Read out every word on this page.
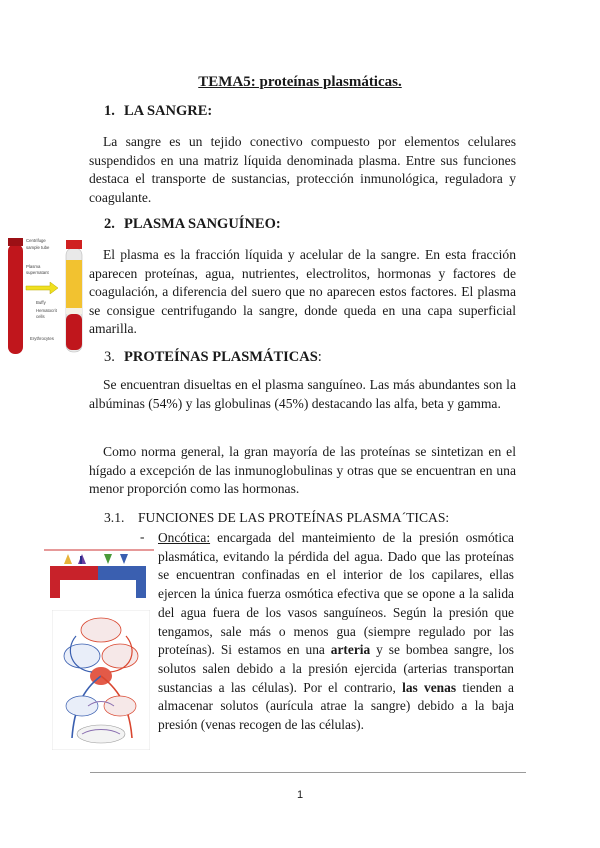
TEMA5: proteínas plasmáticas.
1. LA SANGRE:
La sangre es un tejido conectivo compuesto por elementos celulares suspendidos en una matriz líquida denominada plasma. Entre sus funciones destaca el transporte de sustancias, protección inmunológica, reguladora y coagulante.
2. PLASMA SANGUÍNEO:
El plasma es la fracción líquida y acelular de la sangre. En esta fracción aparecen proteínas, agua, nutrientes, electrolitos, hormonas y factores de coagulación, a diferencia del suero que no aparecen estos factores. El plasma se consigue centrifugando la sangre, donde queda en una capa superficial amarilla.
Centrifuge
sample tube
Plasma
supernatant
Buffy
Hematocrit
cells
Erythrocytes
3. PROTEÍNAS PLASMÁTICAS:
Se encuentran disueltas en el plasma sanguíneo. Las más abundantes son la albúminas (54%) y las globulinas (45%) destacando las alfa, beta y gamma.
Como norma general, la gran mayoría de las proteínas se sintetizan en el hígado a excepción de las inmunoglobulinas y otras que se encuentran en una menor proporción como las hormonas.
3.1. FUNCIONES DE LAS PROTEÍNAS PLASMA´TICAS:
- Oncótica: encargada del manteimiento de la presión osmótica plasmática, evitando la pérdida del agua. Dado que las proteínas se encuentran confinadas en el interior de los capilares, ellas ejercen la única fuerza osmótica efectiva que se opone a la salida del agua fuera de los vasos sanguíneos. Según la presión que tengamos, sale más o menos gua (siempre regulado por las proteínas). Si estamos en una arteria y se bombea sangre, los solutos salen debido a la presión ejercida (arterias transportan sustancias a las células). Por el contrario, las venas tienden a almacenar solutos (aurícula atrae la sangre) debido a la baja presión (venas recogen de las células).
1
